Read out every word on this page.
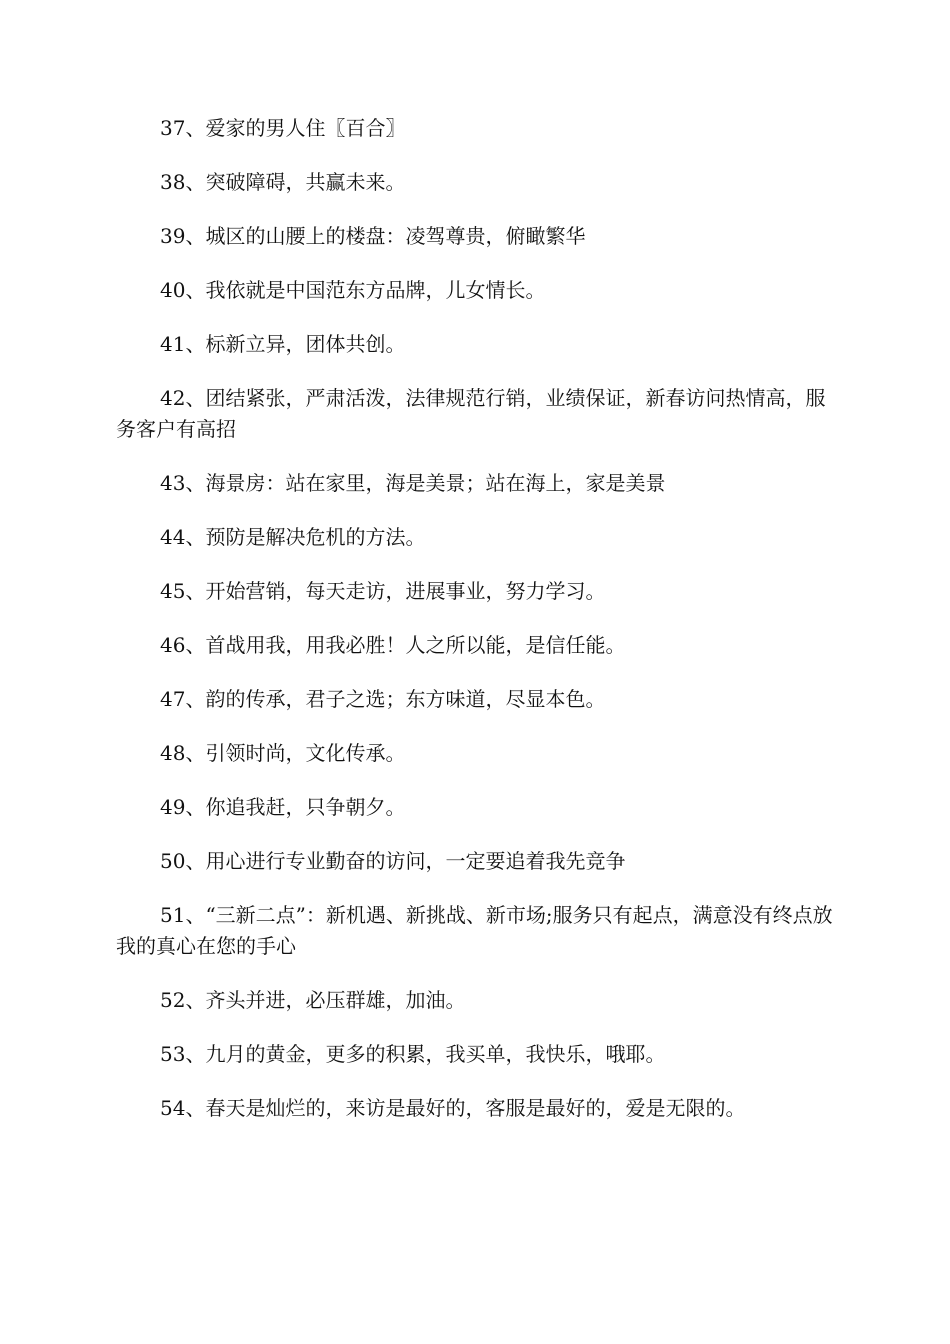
37、爱家的男人住〖百合〗

38、突破障碍，共赢未来。

39、城区的山腰上的楼盘：凌驾尊贵，俯瞰繁华

40、我依就是中国范东方品牌，儿女情长。

41、标新立异，团体共创。

42、团结紧张，严肃活泼，法律规范行销，业绩保证，新春访问热情高，服务客户有高招

43、海景房：站在家里，海是美景；站在海上，家是美景

44、预防是解决危机的方法。

45、开始营销，每天走访，进展事业，努力学习。

46、首战用我，用我必胜！人之所以能，是信任能。

47、韵的传承，君子之选；东方味道，尽显本色。

48、引领时尚，文化传承。

49、你追我赶，只争朝夕。

50、用心进行专业勤奋的访问，一定要追着我先竞争

51、“三新二点”：新机遇、新挑战、新市场;服务只有起点，满意没有终点放我的真心在您的手心

52、齐头并进，必压群雄，加油。

53、九月的黄金，更多的积累，我买单，我快乐，哦耶。

54、春天是灿烂的，来访是最好的，客服是最好的，爱是无限的。
